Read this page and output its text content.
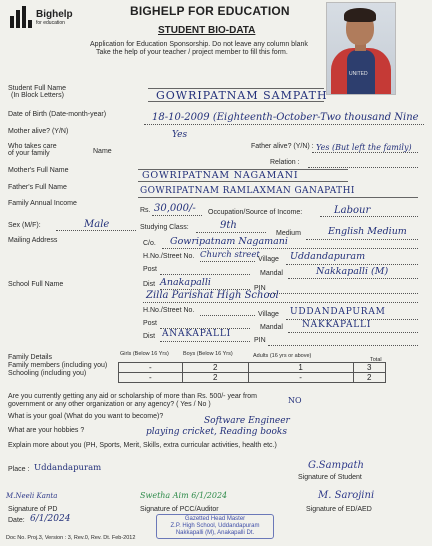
Bighelp
for education
BIGHELP FOR EDUCATION
STUDENT BIO-DATA
Application for Education Sponsorship. Do not leave any column blank
Take the help of your teacher / project member to fill this form.
UNITED
Student Full Name
(In Block Letters)	GOWRIPATNAM SAMPATH
Date of Birth (Date-month-year)	18-10-2009 (Eighteenth-October-Two thousand Nine
Mother alive? (Y/N)	Yes
Father alive? (Y/N) : Yes (But left the family)
Who takes care
of your family	Name
Relation :
Mother's Full Name	GOWRIPATNAM NAGAMANI
Father's Full Name	GOWRIPATNAM RAMLAXMAN GANAPATHI
Family Annual Income
Rs. 30,000/- Occupation/Source of Income:	Labour
Sex (M/F):	Male	Studying Class:	9th
Medium	English Medium
Mailing Address	C/o. Gowripatnam Nagamani
H.No./Street No. Church street
Village Uddandapuram
Post
Mandal	Nakkapalli (M)
Dist Anakapalli
PIN
School Full Name
Zilla Parishat High School
H.No./Street No.
Village UDDANDAPURAM
Post
Mandal NAKKAPALLI
Dist ANAKAPALLI
PIN
Family Details
Family members (including you)
Schooling (including you)
Girls (Below 16 Yrs)	Boys (Below 16 Yrs)	Adults (16 yrs or above)
Total
-	2	1	3
-	2	-	2
Are you currently getting any aid or scholarship of more than Rs. 500/- year from
government or any other organization or any agency? ( Yes / No )	NO
What is your goal (What do you want to become)?	Software Engineer
What are your hobbies ?	playing cricket, Reading books
Explain more about you (PH, Sports, Merit, Skills, extra curricular activities, health etc.)
Place : Uddandapuram	G.Sampath
Signature of Student
M.Neeli Kanta
Signature of PD
Date: 6/1/2024
Swetha Aim 6/1/2024
Signature of PCC/Auditor
Gazetted Head Master
Z.P. High School, Uddandapuram
Nakkapalli (M), Anakapalli Dt.
M. Sarojini
Signature of ED/AED
Doc No. Proj.3, Version : 3, Rev.0, Rev. Dt. Feb-2012
